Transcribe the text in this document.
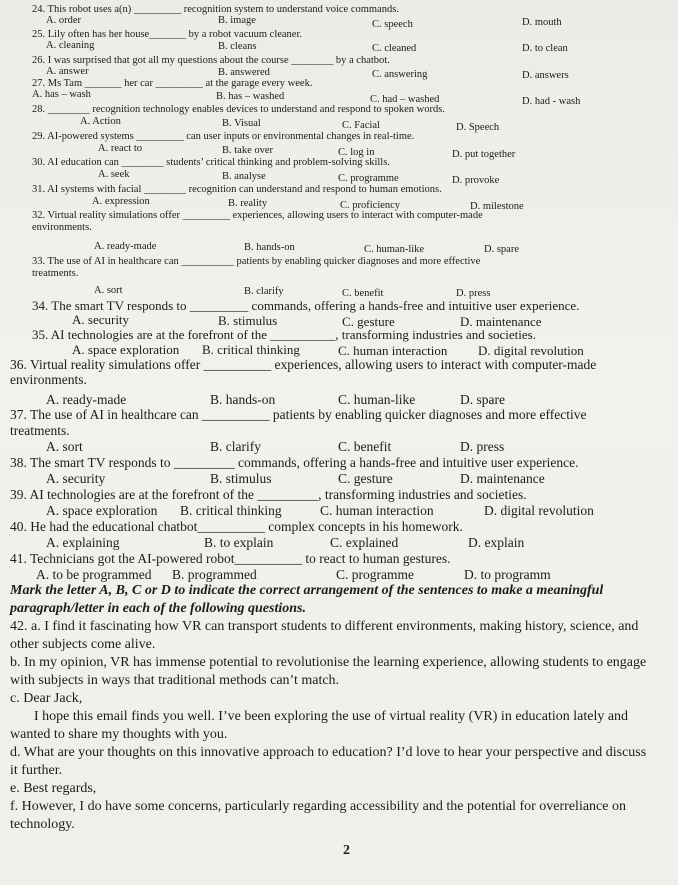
24. This robot uses a(n) _________ recognition system to understand voice commands.
A. order	B. image	C. speech	D. mouth
25. Lily often has her house_______ by a robot vacuum cleaner.
A. cleaning	B. cleans	C. cleaned	D. to clean
26. I was surprised that got all my questions about the course ________ by a chatbot.
A. answer	B. answered	C. answering	D. answers
27. Ms Tam _______ her car _________ at the garage every week.
A. has – wash	B. has – washed	C. had – washed	D. had - wash
28. ________ recognition technology enables devices to understand and respond to spoken words.
A. Action	B. Visual	C. Facial	D. Speech
29. AI-powered systems _________ can user inputs or environmental changes in real-time.
A. react to	B. take over	C. log in	D. put together
30. AI education can ________ students’ critical thinking and problem-solving skills.
A. seek	B. analyse	C. programme	D. provoke
31. AI systems with facial ________ recognition can understand and respond to human emotions.
A. expression	B. reality	C. proficiency	D. milestone
32. Virtual reality simulations offer _________ experiences, allowing users to interact with computer-made
environments.
A. ready-made	B. hands-on	C. human-like	D. spare
33. The use of AI in healthcare can __________ patients by enabling quicker diagnoses and more effective
treatments.
A. sort	B. clarify	C. benefit	D. press
34. The smart TV responds to _________ commands, offering a hands-free and intuitive user experience.
A. security	B. stimulus	C. gesture	D. maintenance
35. AI technologies are at the forefront of the __________, transforming industries and societies.
A. space exploration B. critical thinking	C. human interaction D. digital revolution
36. Virtual reality simulations offer __________ experiences, allowing users to interact with computer-made
environments.
A. ready-made	B. hands-on	C. human-like	D. spare
37. The use of AI in healthcare can __________ patients by enabling quicker diagnoses and more effective
treatments.
A. sort	B. clarify	C. benefit	D. press
38. The smart TV responds to _________ commands, offering a hands-free and intuitive user experience.
A. security	B. stimulus	C. gesture	D. maintenance
39. AI technologies are at the forefront of the _________, transforming industries and societies.
A. space exploration B. critical thinking	C. human interaction	D. digital revolution
40. He had the educational chatbot__________ complex concepts in his homework.
A. explaining	B. to explain	C. explained	D. explain
41. Technicians got the AI-powered robot__________ to react to human gestures.
A. to be programmed B. programmed	C. programme	D. to programm
Mark the letter A, B, C or D to indicate the correct arrangement of the sentences to make a meaningful
paragraph/letter in each of the following questions.
42. a. I find it fascinating how VR can transport students to different environments, making history, science, and
other subjects come alive.
b. In my opinion, VR has immense potential to revolutionise the learning experience, allowing students to engage
with subjects in ways that traditional methods can’t match.
c. Dear Jack,
I hope this email finds you well. I’ve been exploring the use of virtual reality (VR) in education lately and
wanted to share my thoughts with you.
d. What are your thoughts on this innovative approach to education? I’d love to hear your perspective and discuss
it further.
e. Best regards,
f. However, I do have some concerns, particularly regarding accessibility and the potential for overreliance on
technology.
2
